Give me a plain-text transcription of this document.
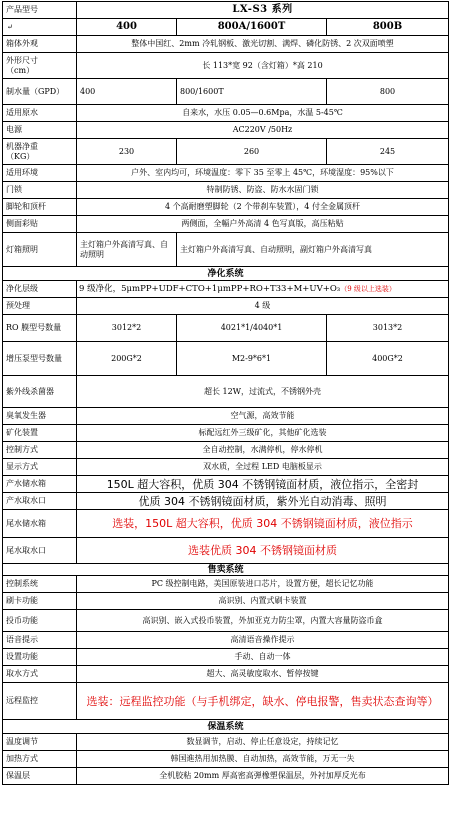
产品型号	LX-S3 系列		
↵	400	800A/1600T	800B
箱体外观	整体中国红、2mm 冷轧钢板、激光切割、满焊、磷化防锈、2 次双面喷塑		
外形尺寸
（cm）	长 113*宽 92（含灯箱）*高 210		
制水量（GPD）	400	800/1600T	800
适用原水	自来水，水压 0.05—0.6Mpa，水温 5-45℃		
电源	AC220V /50Hz		
机器净重
（KG）	230	260	245
适用环境	户外、室内均可，环境温度：零下 35 至零上 45℃，环境湿度：95%以下		
门锁	特制防锈、防盗、防水水固门锁		
脚轮和顶杆	4 个高耐磨塑脚轮（2 个带刹车装置），4 付全金属顶杆		
侧面彩贴	两侧面，全幅户外高清 4 色写真版，高压粘贴		
灯箱照明	主灯箱户外高清写真、自动照明	主灯箱户外高清写真、自动照明，副灯箱户外高清写真	
净化系统			
净化层级	9 级净化，5μmPP+UDF+CTO+1μmPP+RO+T33+M+UV+O₃（9 级以上选装）		
预处理	4 级		
RO 膜型号数量	3012*2	4021*1/4040*1	3013*2
增压泵型号数量	200G*2	M2-9*6*1	400G*2
紫外线杀菌器	超长 12W，过流式，不锈钢外壳		
臭氧发生器	空气源，高效节能		
矿化装置	标配远红外三级矿化，其他矿化选装		
控制方式	全自动控制，水满停机，停水停机		
显示方式	双水质，全过程 LED 电脑板显示		
产水储水箱	150L 超大容积，优质 304 不锈钢镜面材质，液位指示，全密封		
产水取水口	优质 304 不锈钢镜面材质，紫外光自动消毒、照明		
尾水储水箱	选装，150L 超大容积，优质 304 不锈钢镜面材质，液位指示		
尾水取水口	选装优质 304 不锈钢镜面材质		
售卖系统			
控制系统	PC 级控制电路，美国原装进口芯片，设置方便，超长记忆功能		
刷卡功能	高识别、内置式刷卡装置		
投币功能	高识别、嵌入式投币装置，外加亚克力防尘罩，内置大容量防盗币盒		
语音提示	高清语音操作提示		
设置功能	手动、自动一体		
取水方式	超大、高灵敏度取水、暂停按键		
远程监控	选装：远程监控功能（与手机绑定，缺水、停电报警，售卖状态查询等）		
保温系统			
温度调节	数显调节，启动、停止任意设定，持续记忆		
加热方式	韩国進热用加热膜、自动加热，高效节能，万无一失		
保温层	全机胶粘 20mm 厚高密高弹橡塑保温层，外衬加厚反光布		
